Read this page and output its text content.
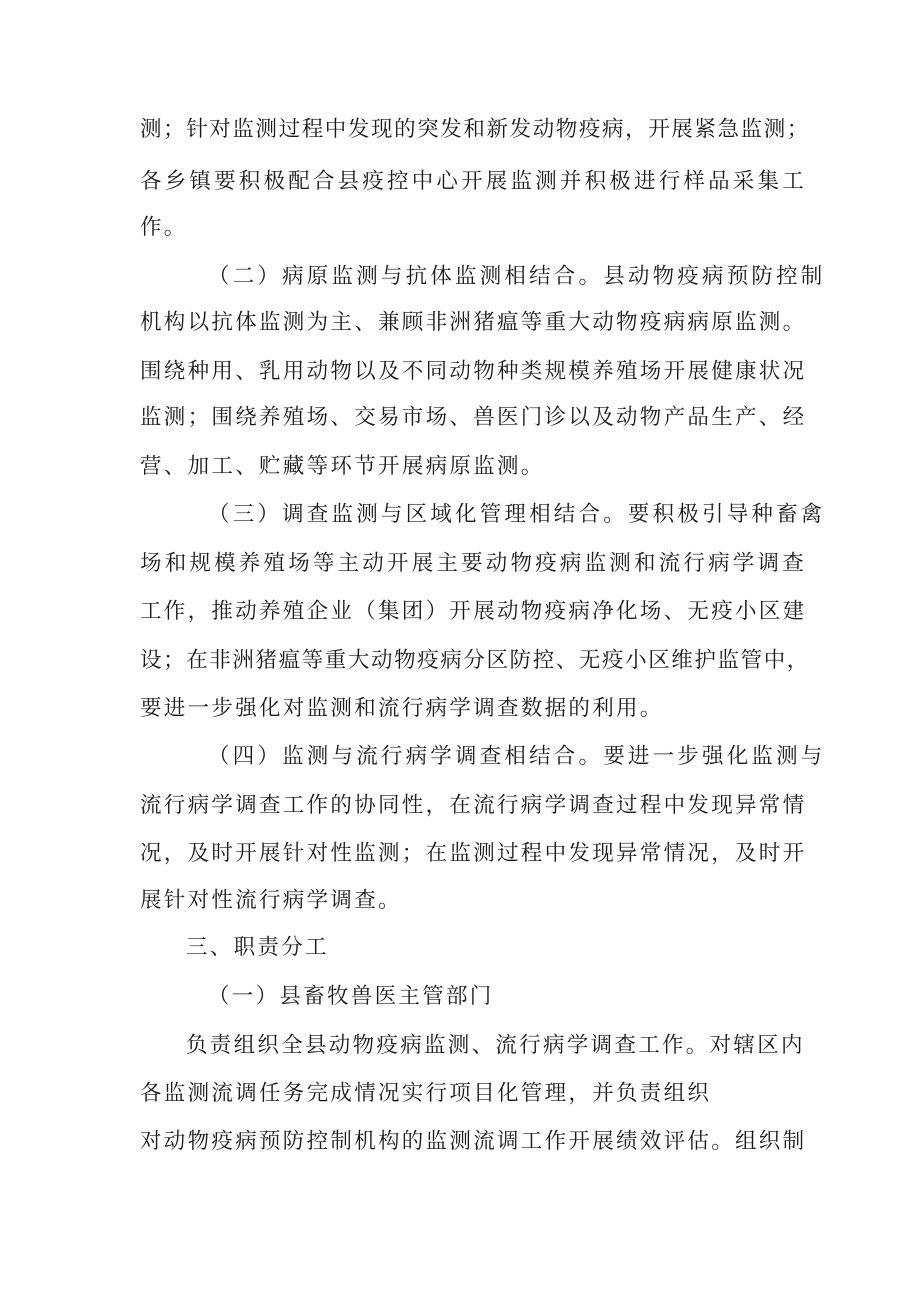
测；针对监测过程中发现的突发和新发动物疫病，开展紧急监测；
各乡镇要积极配合县疫控中心开展监测并积极进行样品采集工
作。
（二）病原监测与抗体监测相结合。县动物疫病预防控制
机构以抗体监测为主、兼顾非洲猪瘟等重大动物疫病病原监测。
围绕种用、乳用动物以及不同动物种类规模养殖场开展健康状况
监测；围绕养殖场、交易市场、兽医门诊以及动物产品生产、经
营、加工、贮藏等环节开展病原监测。
（三）调查监测与区域化管理相结合。要积极引导种畜禽
场和规模养殖场等主动开展主要动物疫病监测和流行病学调查
工作，推动养殖企业（集团）开展动物疫病净化场、无疫小区建
设；在非洲猪瘟等重大动物疫病分区防控、无疫小区维护监管中，
要进一步强化对监测和流行病学调查数据的利用。
（四）监测与流行病学调查相结合。要进一步强化监测与
流行病学调查工作的协同性，在流行病学调查过程中发现异常情
况，及时开展针对性监测；在监测过程中发现异常情况，及时开
展针对性流行病学调查。
三、职责分工
（一）县畜牧兽医主管部门
负责组织全县动物疫病监测、流行病学调查工作。对辖区内
各监测流调任务完成情况实行项目化管理，并负责组织
对动物疫病预防控制机构的监测流调工作开展绩效评估。组织制
